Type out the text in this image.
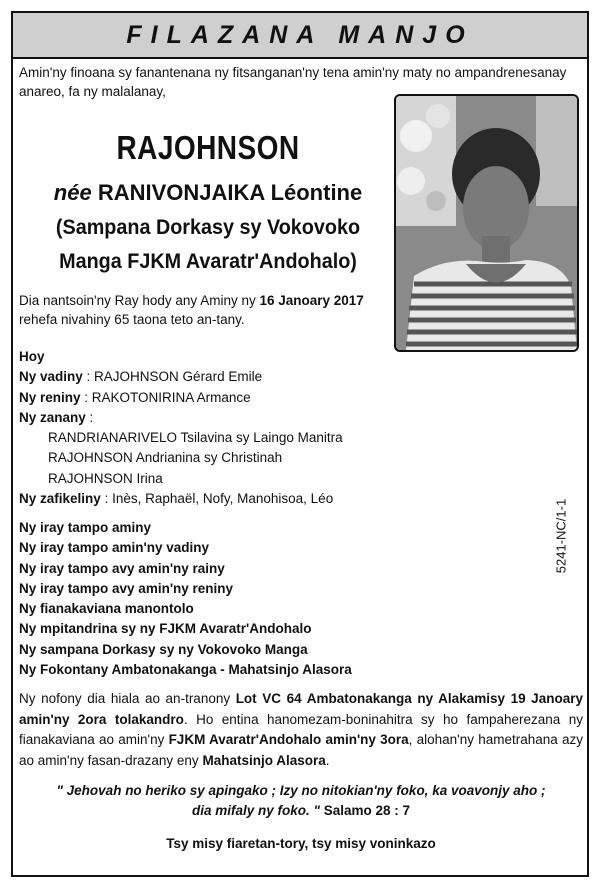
FILAZANA MANJO
Amin'ny finoana sy fanantenana ny fitsanganan'ny tena amin'ny maty no ampandrenesanay anareo, fa ny malalanay,
RAJOHNSON
née RANIVONJAIKA Léontine
(Sampana Dorkasy sy Vokovoko
Manga FJKM Avaratr'Andohalo)
Dia nantsoin'ny Ray hody any Aminy ny 16 Janoary 2017 rehefa nivahiny 65 taona teto an-tany.
Hoy
Ny vadiny : RAJOHNSON Gérard Emile
Ny reniny : RAKOTONIRINA Armance
Ny zanany :
RANDRIANARIVELO Tsilavina sy Laingo Manitra
RAJOHNSON Andrianina sy Christinah
RAJOHNSON Irina
Ny zafikeliny : Inès, Raphaël, Nofy, Manohisoa, Léo
5241-NC/1-1
Ny iray tampo aminy
Ny iray tampo amin'ny vadiny
Ny iray tampo avy amin'ny rainy
Ny iray tampo avy amin'ny reniny
Ny fianakaviana manontolo
Ny mpitandrina sy ny FJKM Avaratr'Andohalo
Ny sampana Dorkasy sy ny Vokovoko Manga
Ny Fokontany Ambatonakanga - Mahatsinjo Alasora
Ny nofony dia hiala ao an-tranony Lot VC 64 Ambatonakanga ny Alakamisy 19 Janoary amin'ny 2ora tolakandro. Ho entina hanomezam-boninahitra sy ho fampaherezana ny fianakaviana ao amin'ny FJKM Avaratr'Andohalo amin'ny 3ora, alohan'ny hametrahana azy ao amin'ny fasan-drazany eny Mahatsinjo Alasora.
" Jehovah no heriko sy apingako ; Izy no nitokian'ny foko, ka voavonjy aho ;
dia mifaly ny foko. " Salamo 28 : 7
Tsy misy fiaretan-tory, tsy misy voninkazo
